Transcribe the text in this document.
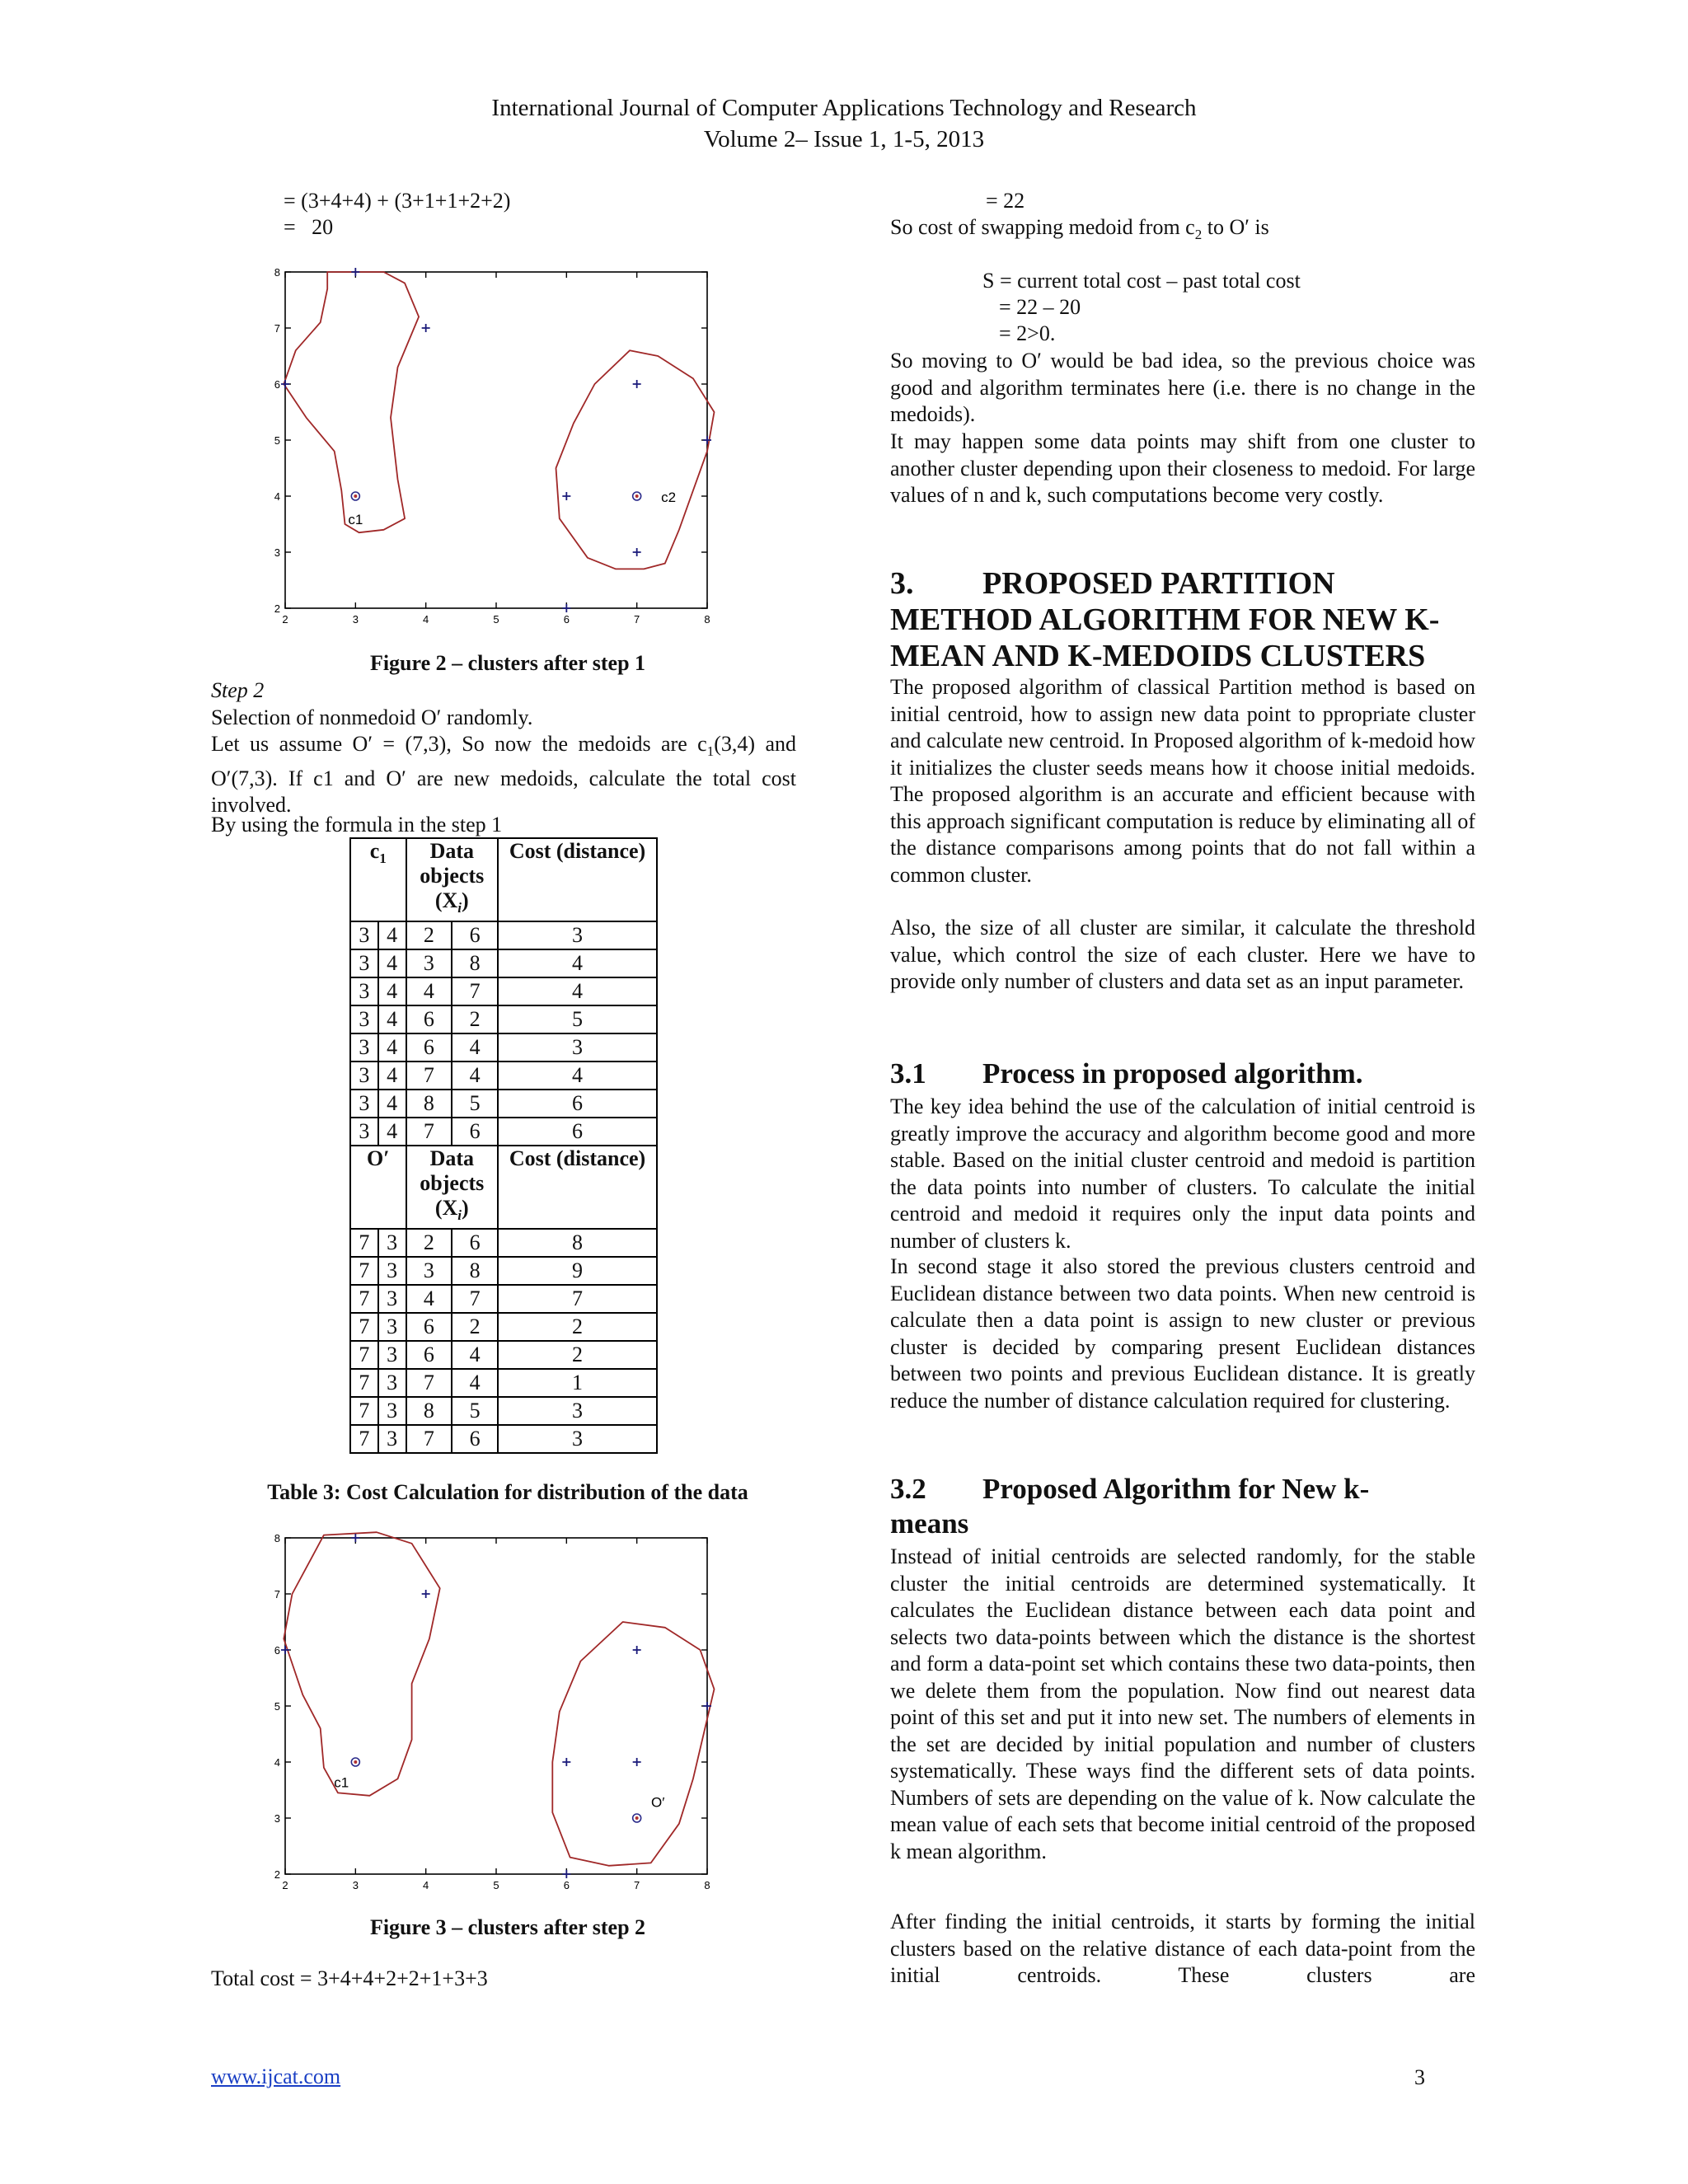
International Journal of Computer Applications Technology and Research
Volume 2– Issue 1, 1-5, 2013
= (3+4+4) + (3+1+1+2+2)
=   20
2	3	4	5	6	7	8
2
3
4
5
6
7
8
c1
c2
Figure 2 – clusters after step 1
Step 2
Selection of nonmedoid O′ randomly.
Let us assume O′ = (7,3), So now the medoids are $c_1(3,4)$ and O′(7,3). If c1 and O′ are new medoids, calculate the total cost involved.
By using the formula in the step 1
$c_1$		Data objects
$(X_i)$		Cost (distance)
3	4	2	6	3
3	4	3	8	4
3	4	4	7	4
3	4	6	2	5
3	4	6	4	3
3	4	7	4	4
3	4	8	5	6
3	4	7	6	6
O′		Data objects
$(X_i)$		Cost (distance)
7	3	2	6	8
7	3	3	8	9
7	3	4	7	7
7	3	6	2	2
7	3	6	4	2
7	3	7	4	1
7	3	8	5	3
7	3	7	6	3
Table 3: Cost Calculation for distribution of the data
2	3	4	5	6	7	8
2
3
4
5
6
7
8
c1
O′
Figure 3 – clusters after step 2
Total cost = 3+4+4+2+2+1+3+3
= 22
So cost of swapping medoid from $c_2$ to O′ is
S = current total cost – past total cost
= 22 – 20
= 2>0.
So moving to O′ would be bad idea, so the previous choice was good and algorithm terminates here (i.e. there is no change in the medoids).
It may happen some data points may shift from one cluster to another cluster depending upon their closeness to medoid. For large values of n and k, such computations become very costly.
3. PROPOSED PARTITION
METHOD ALGORITHM FOR NEW K-
MEAN AND K-MEDOIDS CLUSTERS
The proposed algorithm of classical Partition method is based on initial centroid, how to assign new data point to ppropriate cluster and calculate new centroid. In Proposed algorithm of k-medoid how it initializes the cluster seeds means how it choose initial medoids. The proposed algorithm is an accurate and efficient because with this approach significant computation is reduce by eliminating all of the distance comparisons among points that do not fall within a common cluster.
Also, the size of all cluster are similar, it calculate the threshold value, which control the size of each cluster. Here we have to provide only number of clusters and data set as an input parameter.
3.1 Process in proposed algorithm.
The key idea behind the use of the calculation of initial centroid is greatly improve the accuracy and algorithm become good and more stable. Based on the initial cluster centroid and medoid is partition the data points into number of clusters. To calculate the initial centroid and medoid it requires only the input data points and number of clusters k.
In second stage it also stored the previous clusters centroid and Euclidean distance between two data points. When new centroid is calculate then a data point is assign to new cluster or previous cluster is decided by comparing present Euclidean distances between two points and previous Euclidean distance. It is greatly reduce the number of distance calculation required for clustering.
3.2 Proposed Algorithm for New k-
means
Instead of initial centroids are selected randomly, for the stable cluster the initial centroids are determined systematically. It calculates the Euclidean distance between each data point and selects two data-points between which the distance is the shortest and form a data-point set which contains these two data-points, then we delete them from the population. Now find out nearest data point of this set and put it into new set. The numbers of elements in the set are decided by initial population and number of clusters systematically. These ways find the different sets of data points. Numbers of sets are depending on the value of k. Now calculate the mean value of each sets that become initial centroid of the proposed k mean algorithm.
After finding the initial centroids, it starts by forming the initial clusters based on the relative distance of each data-point from the initial centroids. These clusters are
www.ijcat.com	3
